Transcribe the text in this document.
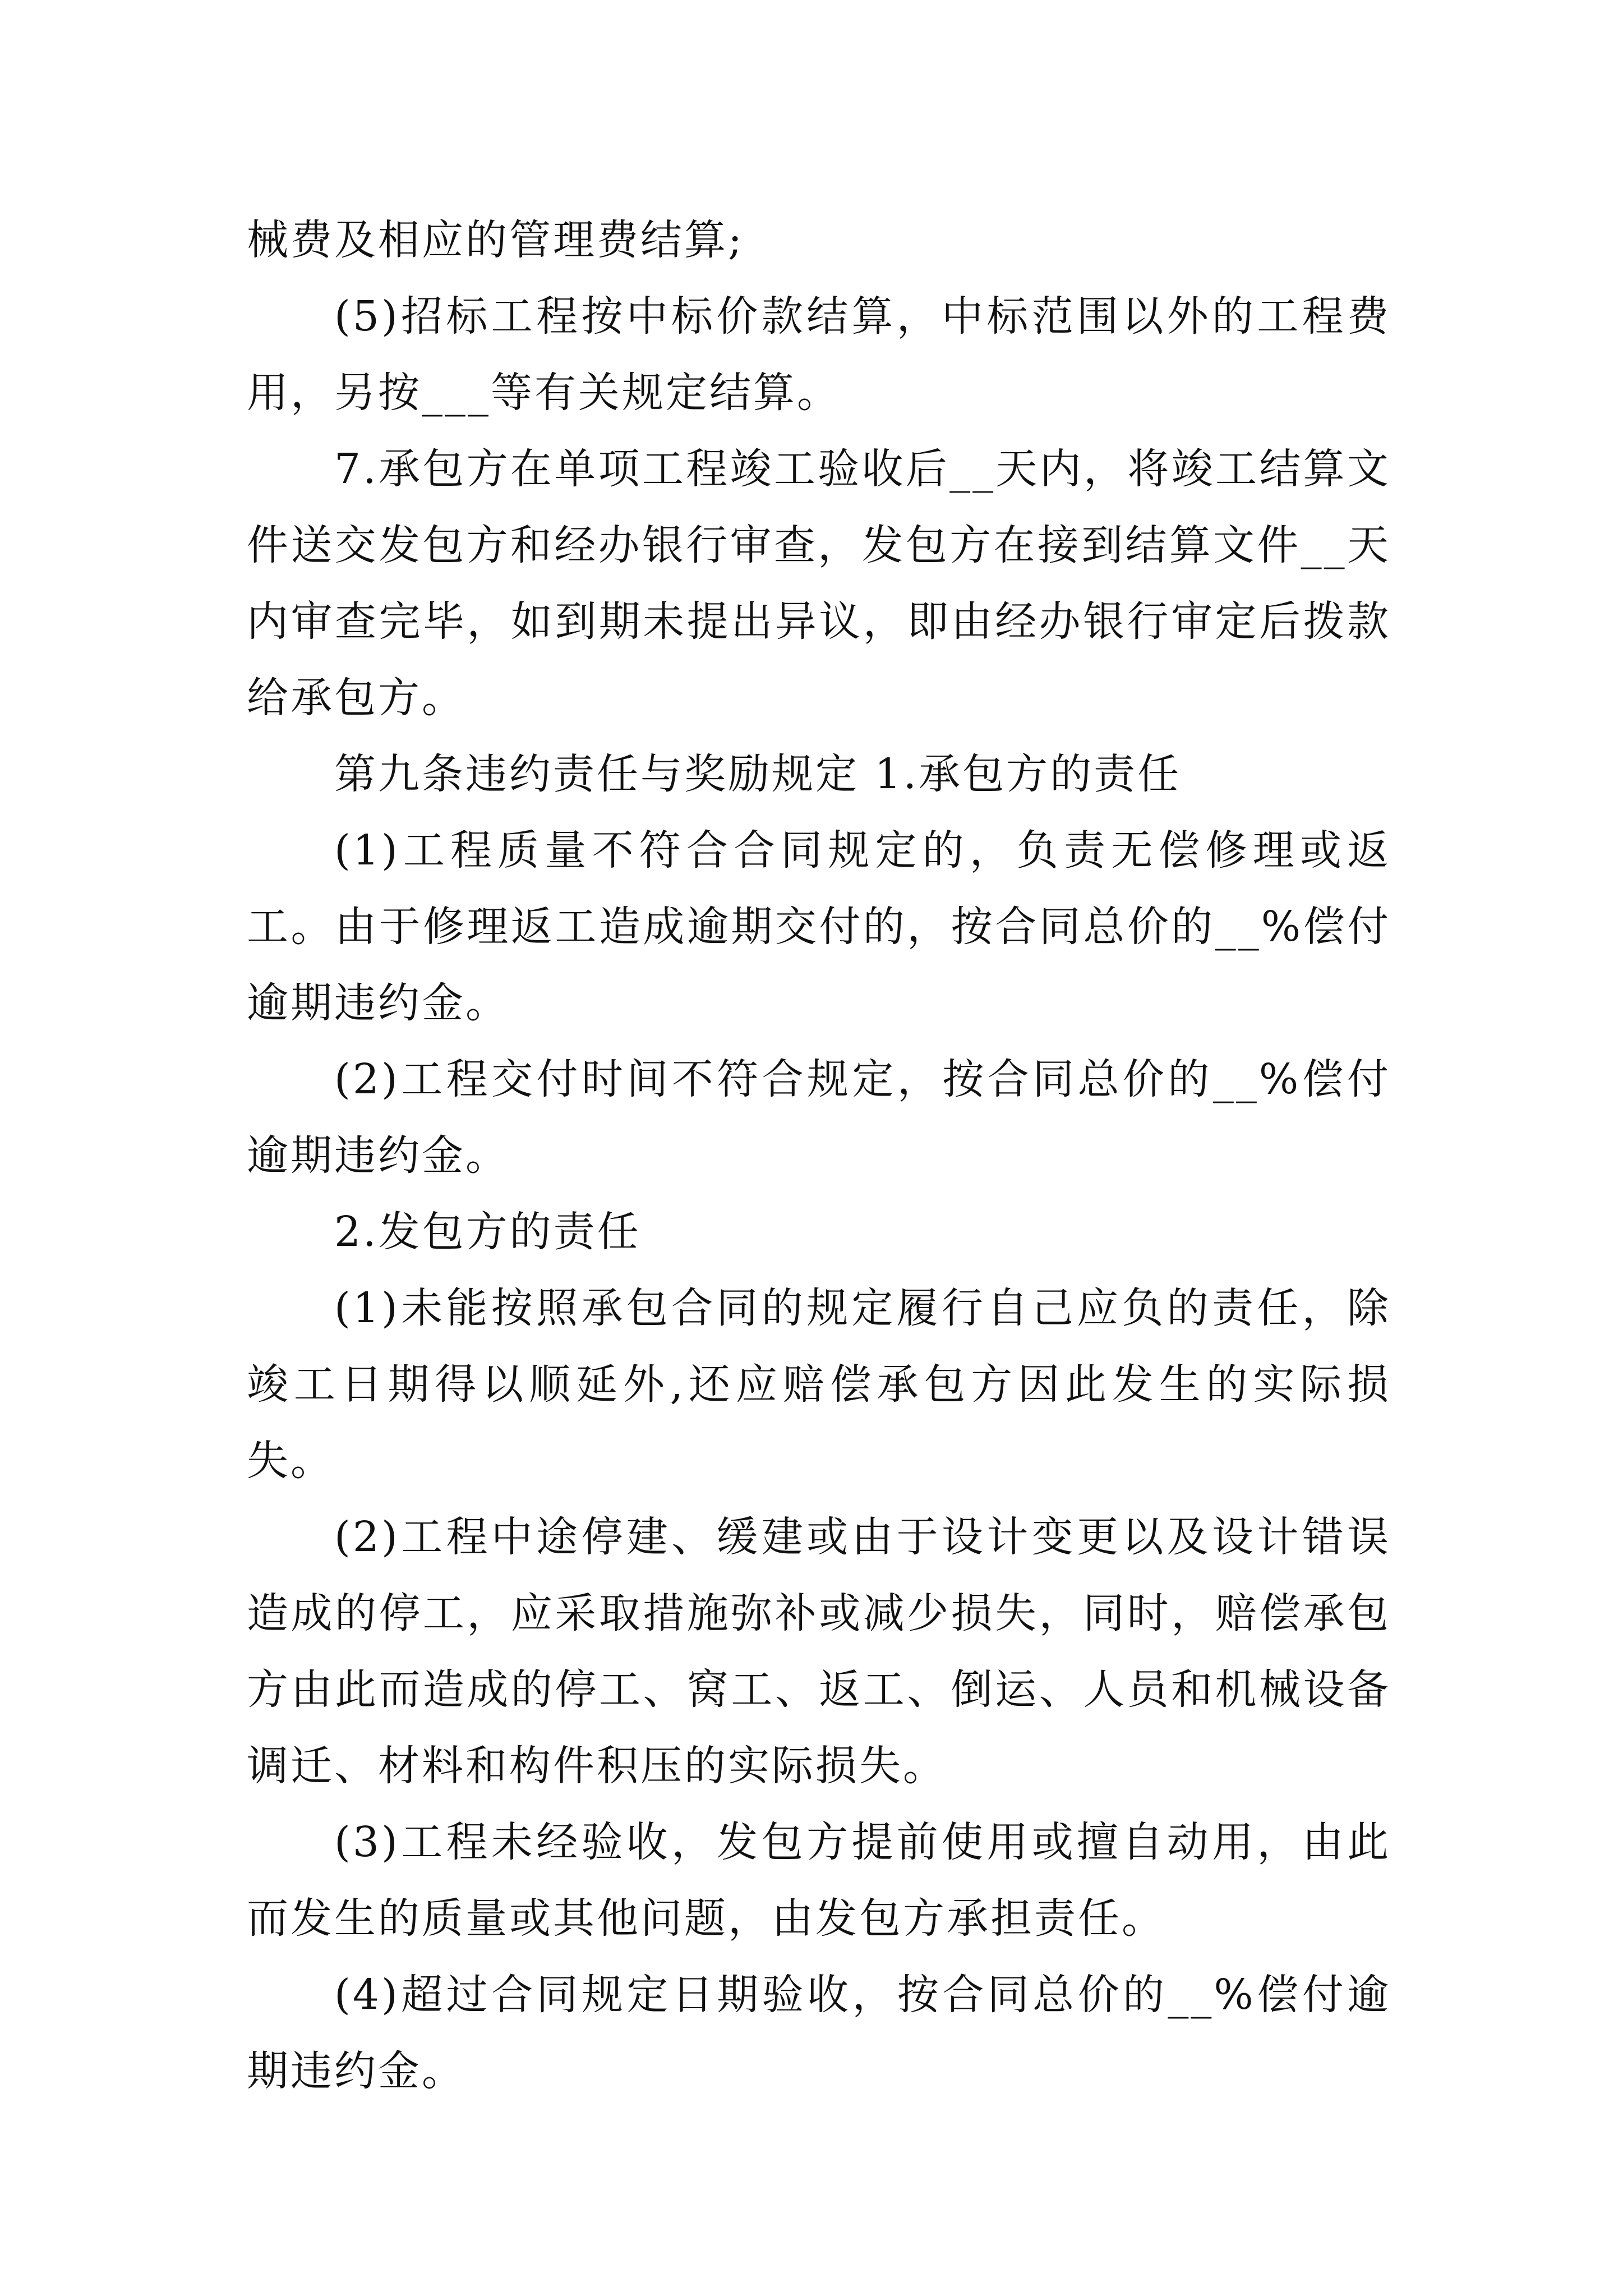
械费及相应的管理费结算;

(5)招标工程按中标价款结算，中标范围以外的工程费用，另按___等有关规定结算。

7.承包方在单项工程竣工验收后__天内，将竣工结算文件送交发包方和经办银行审查，发包方在接到结算文件__天内审查完毕，如到期未提出异议，即由经办银行审定后拨款给承包方。

第九条违约责任与奖励规定 1.承包方的责任

(1)工程质量不符合合同规定的，负责无偿修理或返工。由于修理返工造成逾期交付的，按合同总价的__%偿付逾期违约金。

(2)工程交付时间不符合规定，按合同总价的__%偿付逾期违约金。

2.发包方的责任

(1)未能按照承包合同的规定履行自己应负的责任，除竣工日期得以顺延外,还应赔偿承包方因此发生的实际损失。

(2)工程中途停建、缓建或由于设计变更以及设计错误造成的停工，应采取措施弥补或减少损失，同时，赔偿承包方由此而造成的停工、窝工、返工、倒运、人员和机械设备调迁、材料和构件积压的实际损失。

(3)工程未经验收，发包方提前使用或擅自动用，由此而发生的质量或其他问题，由发包方承担责任。

(4)超过合同规定日期验收，按合同总价的__%偿付逾期违约金。
